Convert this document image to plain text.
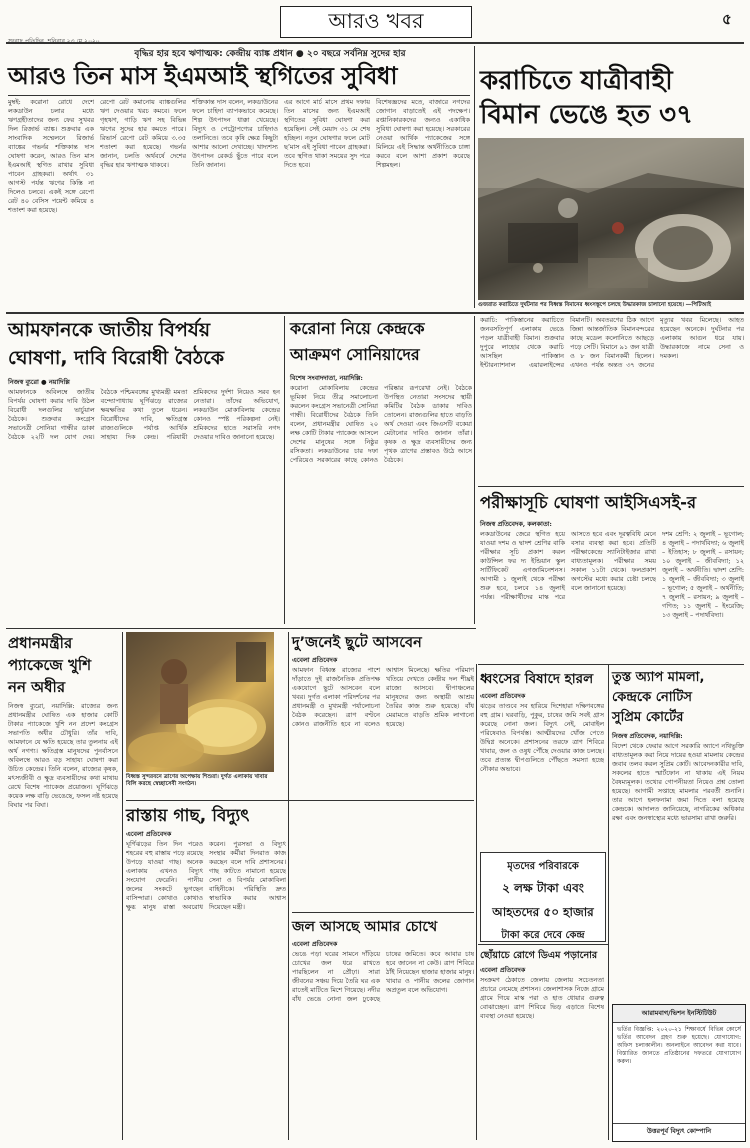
আরও খবর	৫
বৃদ্ধির হার হবে ঋণাত্মক: কেন্দ্রীয় ব্যাঙ্ক প্রধান ● ২০ বছরে সর্বনিম্ন সুদের হার
আরও তিন মাস ইএমআই স্থগিতের সুবিধা
মুম্বই: করোনা রোধে দেশে লকডাউন চলার মধ্যে ঋণগ্রহীতাদের জন্য ফের সুখবর দিল রিজার্ভ ব্যাঙ্ক। শুক্রবার এক সাংবাদিক সম্মেলনে রিজার্ভ ব্যাঙ্কের গভর্নর শক্তিকান্ত দাস ঘোষণা করেন, আরও তিন মাস ইএমআই স্থগিত রাখার সুবিধা পাবেন গ্রাহকরা। অর্থাৎ ৩১ আগস্ট পর্যন্ত ঋণের কিস্তি না দিলেও চলবে। একই সঙ্গে রেপো রেট ৪০ বেসিস পয়েন্ট কমিয়ে ৪ শতাংশ করা হয়েছে।
রেপো রেট কমানোয় ব্যাঙ্কগুলির ঋণ দেওয়ার খরচ কমবে। ফলে গৃহঋণ, গাড়ি ঋণ সহ বিভিন্ন ঋণের সুদের হার কমতে পারে। রিভার্স রেপো রেট কমিয়ে ৩.৩৫ শতাংশ করা হয়েছে। গভর্নর জানান, চলতি অর্থবর্ষে দেশের বৃদ্ধির হার ঋণাত্মক থাকবে।
শক্তিকান্ত দাস বলেন, লকডাউনের ফলে চাহিদা ব্যাপকভাবে কমেছে। শিল্প উৎপাদন ধাক্কা খেয়েছে। বিদ্যুৎ ও পেট্রোপণ্যের চাহিদাও তলানিতে। তবে কৃষি ক্ষেত্র কিছুটা আশার আলো দেখাচ্ছে। খাদ্যশস্য উৎপাদন রেকর্ড ছুঁতে পারে বলে তিনি জানান।
এর আগে মার্চ মাসে প্রথম দফায় তিন মাসের জন্য ইএমআই স্থগিতের সুবিধা ঘোষণা করা হয়েছিল। সেই মেয়াদ ৩১ মে শেষ হচ্ছিল। নতুন ঘোষণার ফলে মোট ছ’মাস এই সুবিধা পাবেন গ্রাহকরা। তবে স্থগিত থাকা সময়ের সুদ পরে দিতে হবে।
বিশেষজ্ঞদের মতে, বাজারে নগদের জোগান বাড়াতেই এই পদক্ষেপ। রপ্তানিকারকদের জন্যও একাধিক সুবিধা ঘোষণা করা হয়েছে। সরকারের নেওয়া আর্থিক প্যাকেজের সঙ্গে মিলিয়ে এই সিদ্ধান্ত অর্থনীতিকে চাঙ্গা করবে বলে আশা প্রকাশ করেছে শিল্পমহল।
করাচিতে যাত্রীবাহী
বিমান ভেঙে হত ৩৭
গুজরাত করাচিতে দুর্ঘটনার পর বিধ্বস্ত বিমানের ধ্বংসস্তূপে চলছে উদ্ধারকাজ চালানো হয়েছে। ―পিটিআই
আমফানকে জাতীয় বিপর্যয়
ঘোষণা, দাবি বিরোধী বৈঠকে
নিজস্ব ব্যুরো ● নয়াদিল্লি
আমফানকে অবিলম্বে জাতীয় বিপর্যয় ঘোষণা করার দাবি উঠল বিরোধী দলগুলির ভার্চুয়াল বৈঠকে। শুক্রবার কংগ্রেস সভানেত্রী সোনিয়া গান্ধীর ডাকা বৈঠকে ২২টি দল যোগ দেয়। বৈঠকে পশ্চিমবঙ্গের মুখ্যমন্ত্রী মমতা বন্দ্যোপাধ্যায় ঘূর্ণিঝড়ে রাজ্যের ক্ষয়ক্ষতির কথা তুলে ধরেন। বিরোধীদের দাবি, ক্ষতিগ্রস্ত রাজ্যগুলিকে পর্যাপ্ত আর্থিক সাহায্য দিক কেন্দ্র। পরিযায়ী শ্রমিকদের দুর্দশা নিয়েও সরব হন নেতারা। তাঁদের অভিযোগ, লকডাউন মোকাবিলায় কেন্দ্রের কোনও স্পষ্ট পরিকল্পনা নেই। শ্রমিকদের হাতে সরাসরি নগদ দেওয়ার দাবিও জানানো হয়েছে।
করোনা নিয়ে কেন্দ্রকে
আক্রমণ সোনিয়াদের
বিশেষ সংবাদদাতা, নয়াদিল্লি:
করোনা মোকাবিলায় কেন্দ্রের ভূমিকা নিয়ে তীব্র সমালোচনা করলেন কংগ্রেস সভানেত্রী সোনিয়া গান্ধী। বিরোধীদের বৈঠকে তিনি বলেন, প্রধানমন্ত্রীর ঘোষিত ২০ লক্ষ কোটি টাকার প্যাকেজ আসলে দেশের মানুষের সঙ্গে নিষ্ঠুর রসিকতা। লকডাউনের চার দফা পেরিয়েও সরকারের কাছে কোনও পরিষ্কার রূপরেখা নেই। বৈঠকে উপস্থিত নেতারা সংসদের স্থায়ী কমিটির বৈঠক ডাকার দাবিও তোলেন। রাজ্যগুলির হাতে বাড়তি অর্থ দেওয়া এবং জিএসটি বকেয়া মেটানোর দাবিও জানান তাঁরা। কৃষক ও ক্ষুদ্র ব্যবসায়ীদের জন্য পৃথক ত্রাণের প্রস্তাবও উঠে আসে বৈঠকে।
করাচি: পাকিস্তানের করাচিতে জনবসতিপূর্ণ এলাকায় ভেঙে পড়ল যাত্রীবাহী বিমান। শুক্রবার দুপুরে লাহোর থেকে করাচি আসছিল পাকিস্তান ইন্টারন্যাশনাল এয়ারলাইন্সের বিমানটি। অবতরণের ঠিক আগে জিন্না আন্তর্জাতিক বিমানবন্দরের কাছে মডেল কলোনিতে আছড়ে পড়ে সেটি। বিমানে ৯১ জন যাত্রী ও ৮ জন বিমানকর্মী ছিলেন। এখনও পর্যন্ত অন্তত ৩৭ জনের মৃত্যুর খবর মিলেছে। আহত হয়েছেন অনেকে। দুর্ঘটনার পর এলাকায় আগুন ধরে যায়। উদ্ধারকাজে নামে সেনা ও দমকল।
পরীক্ষাসূচি ঘোষণা আইসিএসই-র
নিজস্ব প্রতিবেদক, কলকাতা:
লকডাউনের জেরে স্থগিত হয়ে যাওয়া দশম ও দ্বাদশ শ্রেণির বাকি পরীক্ষার সূচি প্রকাশ করল কাউন্সিল ফর দ্য ইন্ডিয়ান স্কুল সার্টিফিকেট এগজামিনেশনস। আগামী ১ জুলাই থেকে পরীক্ষা শুরু হবে, চলবে ১৪ জুলাই পর্যন্ত। পরীক্ষার্থীদের মাস্ক পরে আসতে হবে এবং দূরত্ববিধি মেনে বসার ব্যবস্থা করা হবে। প্রতিটি পরীক্ষাকেন্দ্রে স্যানিটাইজার রাখা বাধ্যতামূলক। পরীক্ষার সময় সকাল ১১টা থেকে। ফলপ্রকাশ অগস্টের মধ্যে করার চেষ্টা চলছে বলে জানানো হয়েছে।
দশম শ্রেণি: ২ জুলাই – ভূগোল; ৪ জুলাই – পদার্থবিদ্যা; ৬ জুলাই – ইতিহাস; ৮ জুলাই – রসায়ন; ১০ জুলাই – জীববিদ্যা; ১২ জুলাই – অর্থনীতি। দ্বাদশ শ্রেণি: ১ জুলাই – জীববিদ্যা; ৩ জুলাই – ভূগোল; ৫ জুলাই – অর্থনীতি; ৭ জুলাই – রসায়ন; ৯ জুলাই – গণিত; ১১ জুলাই – ইংরেজি; ১৩ জুলাই – পদার্থবিদ্যা।
প্রধানমন্ত্রীর
প্যাকেজে খুশি
নন অধীর
নিজস্ব ব্যুরো, নয়াদিল্লি: রাজ্যের জন্য প্রধানমন্ত্রীর ঘোষিত এক হাজার কোটি টাকার প্যাকেজে খুশি নন প্রদেশ কংগ্রেস সভাপতি অধীর চৌধুরি। তাঁর দাবি, আমফানে যে ক্ষতি হয়েছে তার তুলনায় এই অর্থ নগণ্য। ক্ষতিগ্রস্ত মানুষদের পুনর্বাসনে অবিলম্বে আরও বড় সাহায্য ঘোষণা করা উচিত কেন্দ্রের। তিনি বলেন, রাজ্যের কৃষক, মৎস্যজীবী ও ক্ষুদ্র ব্যবসায়ীদের কথা মাথায় রেখে বিশেষ প্যাকেজ প্রয়োজন। ঘূর্ণিঝড়ে কয়েক লক্ষ বাড়ি ভেঙেছে, ফসল নষ্ট হয়েছে বিঘার পর বিঘা।
বিধ্বস্ত সুন্দরবনে ত্রাণের অপেক্ষায় শিশুরা। দুর্গত এলাকায় খাবার বিলি করছে স্বেচ্ছাসেবী সংগঠন।
রাস্তায় গাছ, বিদ্যুৎ
এবেলা প্রতিবেদক
ঘূর্ণিঝড়ের তিন দিন পরেও শহরের বহু রাস্তায় পড়ে রয়েছে উপড়ে যাওয়া গাছ। অনেক এলাকায় এখনও বিদ্যুৎ সংযোগ ফেরেনি। পানীয় জলের সংকটে ভুগছেন বাসিন্দারা। কোথাও কোথাও ক্ষুব্ধ মানুষ রাস্তা অবরোধ করেন। পুরসভা ও বিদ্যুৎ সংস্থার কর্মীরা দিনরাত কাজ করছেন বলে দাবি প্রশাসনের। গাছ কাটতে নামানো হয়েছে সেনা ও বিপর্যয় মোকাবিলা বাহিনীকে। পরিস্থিতি দ্রুত স্বাভাবিক করার আশ্বাস দিয়েছেন মন্ত্রী।
দু’জনেই ছুটে আসবেন
এবেলা প্রতিবেদক
আমফান বিধ্বস্ত রাজ্যের পাশে দাঁড়াতে দুই রাজনৈতিক প্রতিপক্ষ একযোগে ছুটে আসবেন বলে খবর। দুর্গত এলাকা পরিদর্শনের পর প্রধানমন্ত্রী ও মুখ্যমন্ত্রী পর্যালোচনা বৈঠক করেছেন। ত্রাণ বণ্টনে কোনও রাজনীতি হবে না বলেও আশ্বাস মিলেছে। ক্ষতির পরিমাণ খতিয়ে দেখতে কেন্দ্রীয় দল শীঘ্রই রাজ্যে আসবে। দ্বীপাঞ্চলের মানুষদের জন্য অস্থায়ী আশ্রয় তৈরির কাজ শুরু হয়েছে। বাঁধ মেরামতে বাড়তি শ্রমিক লাগানো হয়েছে।
জল আসছে আমার চোখে
এবেলা প্রতিবেদক
ভেঙে পড়া ঘরের সামনে দাঁড়িয়ে চোখের জল ধরে রাখতে পারছিলেন না প্রৌঢ়া। সারা জীবনের সঞ্চয় দিয়ে তৈরি ঘর এক রাতেই মাটিতে মিশে গিয়েছে। নদীর বাঁধ ভেঙে নোনা জল ঢুকেছে চাষের জমিতে। কবে আবার চাষ হবে জানেন না কেউ। ত্রাণ শিবিরে ঠাঁই নিয়েছেন হাজার হাজার মানুষ। খাবার ও পানীয় জলের জোগান অপ্রতুল বলে অভিযোগ।
ধ্বংসের বিষাদে হারল
এবেলা প্রতিবেদক
ঝড়ের তাণ্ডবে সব হারিয়ে দিশেহারা দক্ষিণবঙ্গের বহু গ্রাম। ঘরবাড়ি, পুকুর, চাষের জমি সবই গ্রাস করেছে নোনা জল। বিদ্যুৎ নেই, মোবাইল পরিষেবাও বিপর্যস্ত। আত্মীয়দের খোঁজ পেতে উদ্বিগ্ন অনেকে। প্রশাসনের তরফে ত্রাণ শিবিরে খাবার, জল ও ওষুধ পৌঁছে দেওয়ার কাজ চলছে। তবে প্রত্যন্ত দ্বীপগুলিতে পৌঁছতে সমস্যা হচ্ছে নৌকার অভাবে।
মৃতদের পরিবারকে
২ লক্ষ টাকা এবং
আহতদের ৫০ হাজার
টাকা করে দেবে কেন্দ্র
ছোঁয়াচে রোগে ডিএম পড়ানোর
এবেলা প্রতিবেদক
সংক্রমণ ঠেকাতে জেলায় জেলায় সচেতনতা প্রচারে নেমেছে প্রশাসন। জেলাশাসক নিজে গ্রামে গ্রামে গিয়ে মাস্ক পরা ও হাত ধোয়ার গুরুত্ব বোঝাচ্ছেন। ত্রাণ শিবিরে ভিড় এড়াতে বিশেষ ব্যবস্থা নেওয়া হয়েছে।
তুস্ত অ্যাপ মামলা,
কেন্দ্রকে নোটিস
সুপ্রিম কোর্টের
নিজস্ব প্রতিবেদক, নয়াদিল্লি:
বিদেশ থেকে ফেরার আগে সরকারি অ্যাপে নথিভুক্তি বাধ্যতামূলক করা নিয়ে দায়ের হওয়া মামলায় কেন্দ্রের জবাব তলব করল সুপ্রিম কোর্ট। আবেদনকারীর দাবি, সকলের হাতে স্মার্টফোন না থাকায় এই নিয়ম বৈষম্যমূলক। তথ্যের গোপনীয়তা নিয়েও প্রশ্ন তোলা হয়েছে। আগামী সপ্তাহে মামলার পরবর্তী শুনানি। তার আগে হলফনামা জমা দিতে বলা হয়েছে কেন্দ্রকে। আদালত জানিয়েছে, নাগরিকের অধিকার রক্ষা এবং জনস্বাস্থ্যের মধ্যে ভারসাম্য রাখা জরুরি।
আরামবাগ/ভিশন ইনস্টিটিউট
ভর্তির বিজ্ঞপ্তি: ২০২০-২১ শিক্ষাবর্ষে বিভিন্ন কোর্সে ভর্তির আবেদন গ্রহণ শুরু হয়েছে। যোগাযোগ: অফিস চলাকালীন। অনলাইনে আবেদন করা যাবে। বিস্তারিত জানতে প্রতিষ্ঠানের দফতরে যোগাযোগ করুন।
উত্তরপূর্ব বিদ্যুৎ কোম্পানি
